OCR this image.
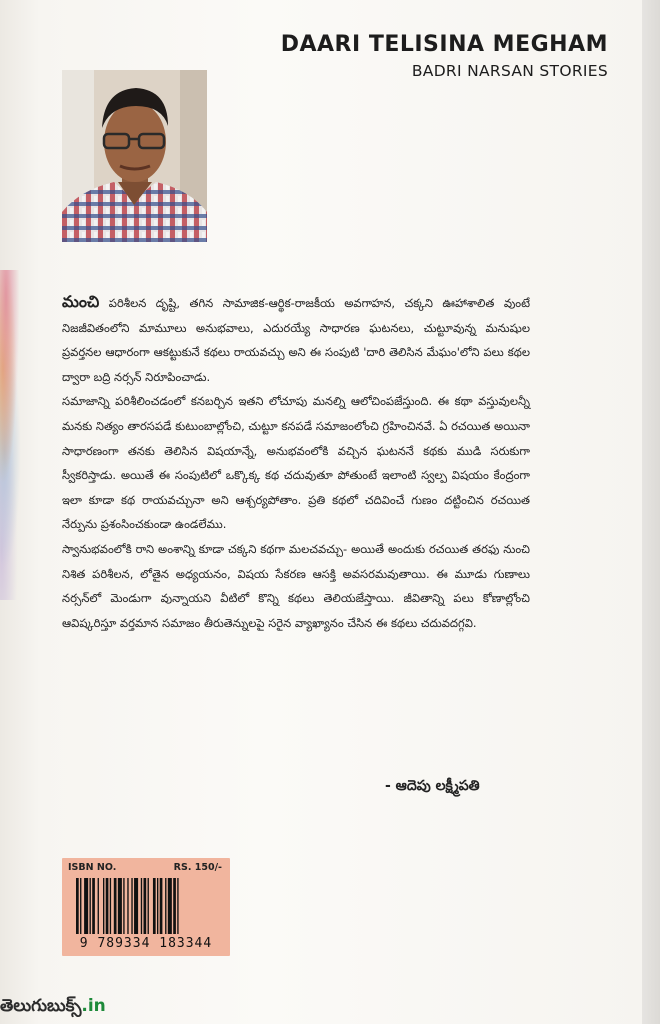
DAARI TELISINA MEGHAM
BADRI NARSAN STORIES

మంచి పరిశీలన దృష్టి, తగిన సామాజిక-ఆర్థిక-రాజకీయ అవగాహన, చక్కని ఊహాశాలిత వుంటే నిజజీవితంలోని మామూలు అనుభవాలు, ఎదురయ్యే సాధారణ ఘటనలు, చుట్టూవున్న మనుషుల ప్రవర్తనల ఆధారంగా ఆకట్టుకునే కథలు రాయవచ్చు అని ఈ సంపుటి 'దారి తెలిసిన మేఘం'లోని పలు కథల ద్వారా బద్రి నర్సన్ నిరూపించాడు.

సమాజాన్ని పరిశీలించడంలో కనబర్చిన ఇతని లోచూపు మనల్ని ఆలోచింపజేస్తుంది. ఈ కథా వస్తువులన్నీ మనకు నిత్యం తారసపడే కుటుంబాల్లోంచి, చుట్టూ కనపడే సమాజంలోంచి గ్రహించినవే. ఏ రచయిత అయినా సాధారణంగా తనకు తెలిసిన విషయాన్నే, అనుభవంలోకి వచ్చిన ఘటననే కథకు ముడి సరుకుగా స్వీకరిస్తాడు. అయితే ఈ సంపుటిలో ఒక్కొక్క కథ చదువుతూ పోతుంటే ఇలాంటి స్వల్ప విషయం కేంద్రంగా ఇలా కూడా కథ రాయవచ్చునా అని ఆశ్చర్యపోతాం. ప్రతి కథలో చదివించే గుణం దట్టించిన రచయిత నేర్పును ప్రశంసించకుండా ఉండలేము.

స్వానుభవంలోకి రాని అంశాన్ని కూడా చక్కని కథగా మలచవచ్చు- అయితే అందుకు రచయిత తరఫు నుంచి నిశిత పరిశీలన, లోతైన అధ్యయనం, విషయ సేకరణ ఆసక్తి అవసరమవుతాయి. ఈ మూడు గుణాలు నర్సన్‌లో మెండుగా వున్నాయని వీటిలో కొన్ని కథలు తెలియజేస్తాయి. జీవితాన్ని పలు కోణాల్లోంచి ఆవిష్కరిస్తూ వర్తమాన సమాజం తీరుతెన్నులపై సరైన వ్యాఖ్యానం చేసిన ఈ కథలు చదువదగ్గవి.

- ఆదెపు లక్ష్మీపతి
ISBN NO.	RS. 150/-
9 789334 183344
తెలుగుబుక్స్.in
